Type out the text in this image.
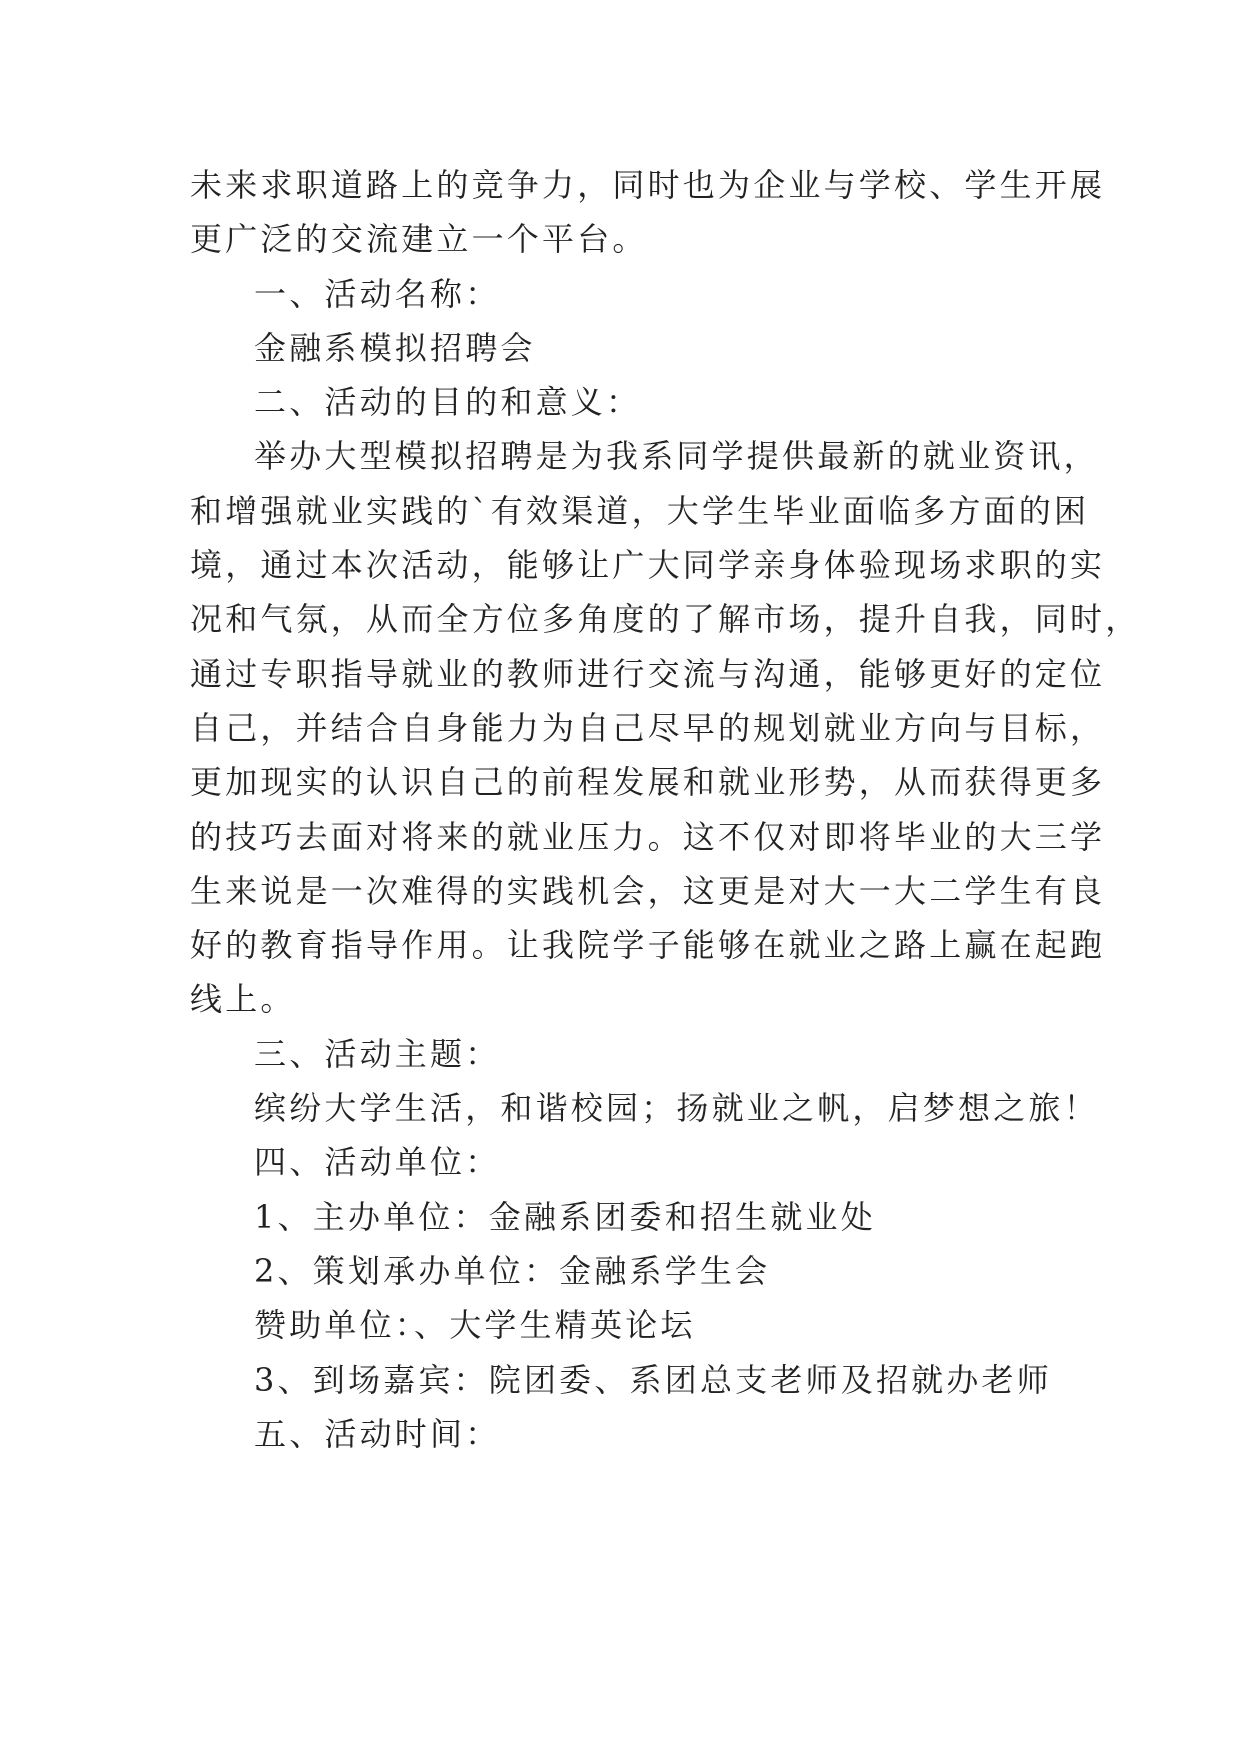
未来求职道路上的竞争力，同时也为企业与学校、学生开展

更广泛的交流建立一个平台。

一、活动名称：

金融系模拟招聘会

二、活动的目的和意义：

举办大型模拟招聘是为我系同学提供最新的就业资讯，

和增强就业实践的`有效渠道，大学生毕业面临多方面的困

境，通过本次活动，能够让广大同学亲身体验现场求职的实

况和气氛，从而全方位多角度的了解市场，提升自我，同时，

通过专职指导就业的教师进行交流与沟通，能够更好的定位

自己，并结合自身能力为自己尽早的规划就业方向与目标，

更加现实的认识自己的前程发展和就业形势，从而获得更多

的技巧去面对将来的就业压力。这不仅对即将毕业的大三学

生来说是一次难得的实践机会，这更是对大一大二学生有良

好的教育指导作用。让我院学子能够在就业之路上赢在起跑

线上。

三、活动主题：

缤纷大学生活，和谐校园；扬就业之帆，启梦想之旅！

四、活动单位：

1、主办单位：金融系团委和招生就业处

2、策划承办单位：金融系学生会

赞助单位：、大学生精英论坛

3、到场嘉宾：院团委、系团总支老师及招就办老师

五、活动时间：
